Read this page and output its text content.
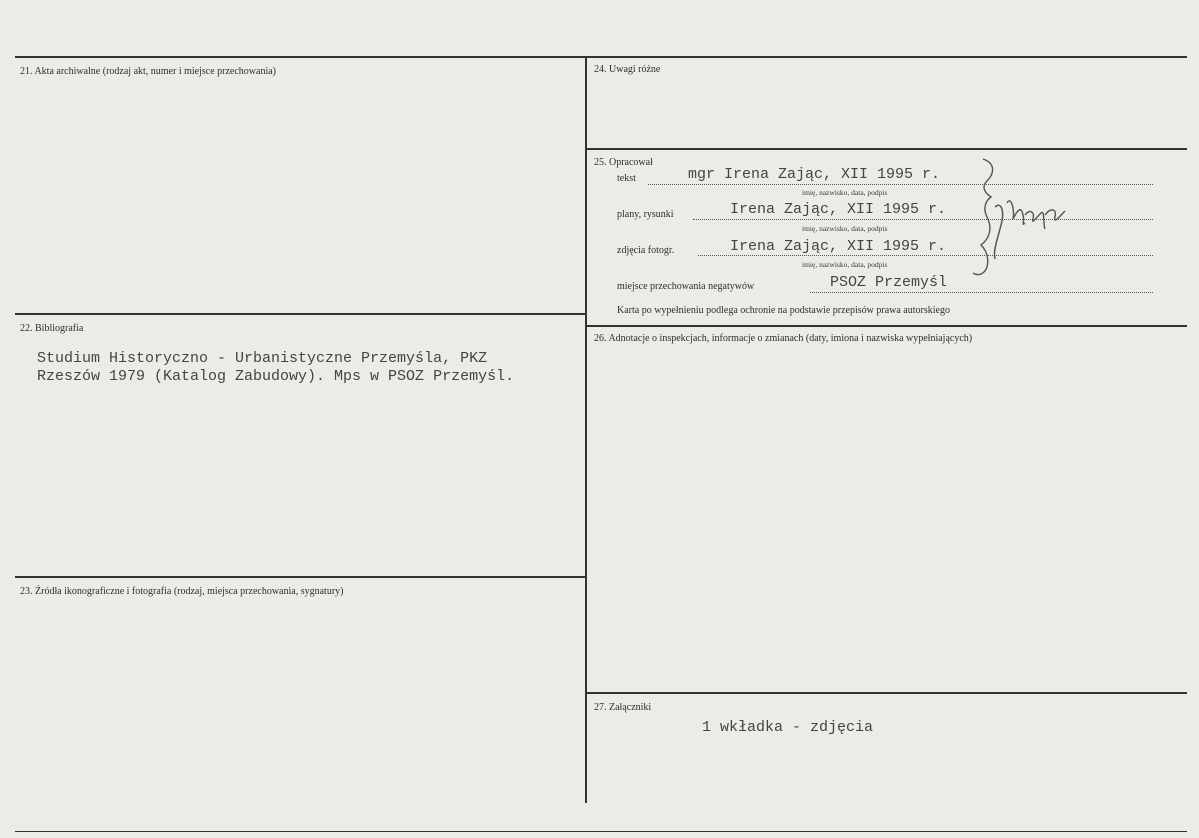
21. Akta archiwalne (rodzaj akt, numer i miejsce przechowania)
22. Bibliografia
Studium Historyczno - Urbanistyczne Przemyśla, PKZ
Rzeszów 1979 (Katalog Zabudowy). Mps w PSOZ Przemyśl.
23. Źródła ikonograficzne i fotografia (rodzaj, miejsca przechowania, sygnatury)
24. Uwagi różne
25. Opracował
tekst	mgr Irena Zając, XII 1995 r.
imię, nazwisko, data, podpis
plany, rysunki	Irena Zając, XII 1995 r.
imię, nazwisko, data, podpis
zdjęcia fotogr.	Irena Zając, XII 1995 r.
imię, nazwisko, data, podpis
miejsce przechowania negatywów	PSOZ Przemyśl
Karta po wypełnieniu podlega ochronie na podstawie przepisów prawa autorskiego
26. Adnotacje o inspekcjach, informacje o zmianach (daty, imiona i nazwiska wypełniających)
27. Załączniki
1 wkładka - zdjęcia
